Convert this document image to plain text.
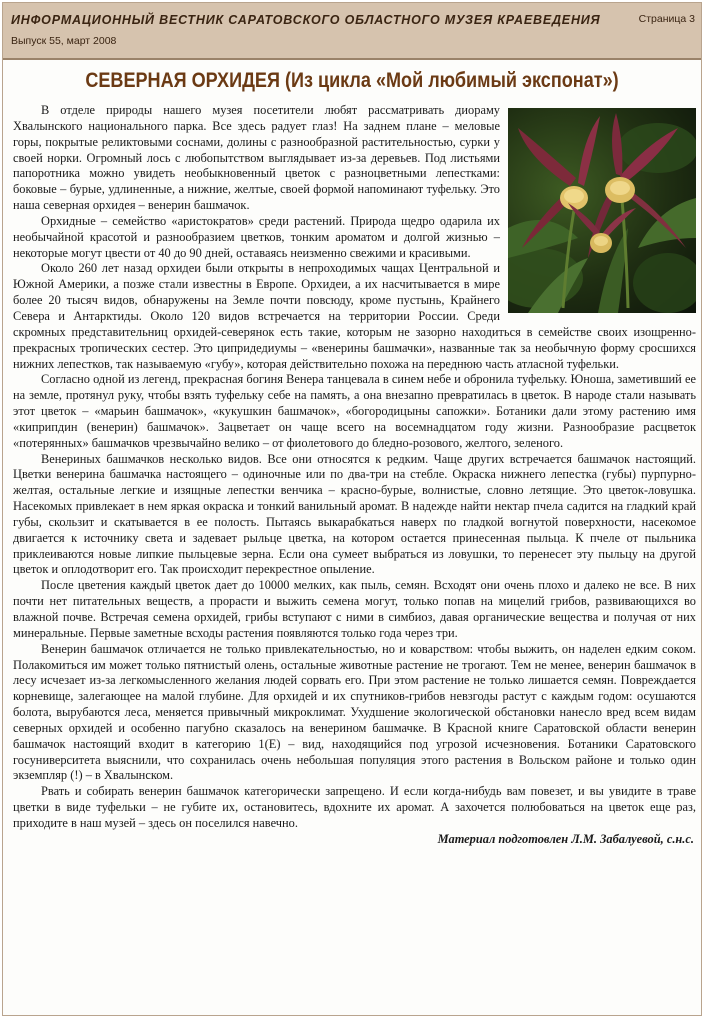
ИНФОРМАЦИОННЫЙ ВЕСТНИК САРАТОВСКОГО ОБЛАСТНОГО МУЗЕЯ КРАЕВЕДЕНИЯ
Выпуск 55, март 2008
Страница 3
СЕВЕРНАЯ ОРХИДЕЯ (Из цикла «Мой любимый экспонат»)

В отделе природы нашего музея посетители любят рассматривать диораму Хвалынского национального парка. Все здесь радует глаз! На заднем плане – меловые горы, покрытые реликтовыми соснами, долины с разнообразной растительностью, сурки у своей норки. Огромный лось с любопытством выглядывает из-за деревьев. Под листьями папоротника можно увидеть необыкновенный цветок с разноцветными лепестками: боковые – бурые, удлиненные, а нижние, желтые, своей формой напоминают туфельку. Это наша северная орхидея – венерин башмачок.

Орхидные – семейство «аристократов» среди растений. Природа щедро одарила их необычайной красотой и разнообразием цветков, тонким ароматом и долгой жизнью – некоторые могут цвести от 40 до 90 дней, оставаясь неизменно свежими и красивыми.

Около 260 лет назад орхидеи были открыты в непроходимых чащах Центральной и Южной Америки, а позже стали известны в Европе. Орхидеи, а их насчитывается в мире более 20 тысяч видов, обнаружены на Земле почти повсюду, кроме пустынь, Крайнего Севера и Антарктиды. Около 120 видов встречается на территории России. Среди скромных представительниц орхидей-северянок есть такие, которым не зазорно находиться в семействе своих изощренно-прекрасных тропических сестер. Это ципридедиумы – «венерины башмачки», названные так за необычную форму сросшихся нижних лепестков, так называемую «губу», которая действительно похожа на переднюю часть атласной туфельки.

Согласно одной из легенд, прекрасная богиня Венера танцевала в синем небе и обронила туфельку. Юноша, заметивший ее на земле, протянул руку, чтобы взять туфельку себе на память, а она внезапно превратилась в цветок. В народе стали называть этот цветок – «марьин башмачок», «кукушкин башмачок», «богородицыны сапожки». Ботаники дали этому растению имя «киприпдин (венерин) башмачок». Зацветает он чаще всего на восемнадцатом году жизни. Разнообразие расцветок «потерянных» башмачков чрезвычайно велико – от фиолетового до бледно-розового, желтого, зеленого.

Венериных башмачков несколько видов. Все они относятся к редким. Чаще других встречается башмачок настоящий. Цветки венерина башмачка настоящего – одиночные или по два-три на стебле. Окраска нижнего лепестка (губы) пурпурно-желтая, остальные легкие и изящные лепестки венчика – красно-бурые, волнистые, словно летящие. Это цветок-ловушка. Насекомых привлекает в нем яркая окраска и тонкий ванильный аромат. В надежде найти нектар пчела садится на гладкий край губы, скользит и скатывается в ее полость. Пытаясь выкарабкаться наверх по гладкой вогнутой поверхности, насекомое двигается к источнику света и задевает рыльце цветка, на котором остается принесенная пыльца. К пчеле от пыльника приклеиваются новые липкие пыльцевые зерна. Если она сумеет выбраться из ловушки, то перенесет эту пыльцу на другой цветок и оплодотворит его. Так происходит перекрестное опыление.

После цветения каждый цветок дает до 10000 мелких, как пыль, семян. Всходят они очень плохо и далеко не все. В них почти нет питательных веществ, а прорасти и выжить семена могут, только попав на мицелий грибов, развивающихся во влажной почве. Встречая семена орхидей, грибы вступают с ними в симбиоз, давая органические вещества и получая от них минеральные. Первые заметные всходы растения появляются только года через три.

Венерин башмачок отличается не только привлекательностью, но и коварством: чтобы выжить, он наделен едким соком. Полакомиться им может только пятнистый олень, остальные животные растение не трогают. Тем не менее, венерин башмачок в лесу исчезает из-за легкомысленного желания людей сорвать его. При этом растение не только лишается семян. Повреждается корневище, залегающее на малой глубине. Для орхидей и их спутников-грибов невзгоды растут с каждым годом: осушаются болота, вырубаются леса, меняется привычный микроклимат. Ухудшение экологической обстановки нанесло вред всем видам северных орхидей и особенно пагубно сказалось на венерином башмачке. В Красной книге Саратовской области венерин башмачок настоящий входит в категорию 1(Е) – вид, находящийся под угрозой исчезновения. Ботаники Саратовского госуниверситета выяснили, что сохранилась очень небольшая популяция этого растения в Вольском районе и только один экземпляр (!) – в Хвалынском.

Рвать и собирать венерин башмачок категорически запрещено. И если когда-нибудь вам повезет, и вы увидите в траве цветки в виде туфельки – не губите их, остановитесь, вдохните их аромат. А захочется полюбоваться на цветок еще раз, приходите в наш музей – здесь он поселился навечно.

Материал подготовлен Л.М. Забалуевой, с.н.с.
